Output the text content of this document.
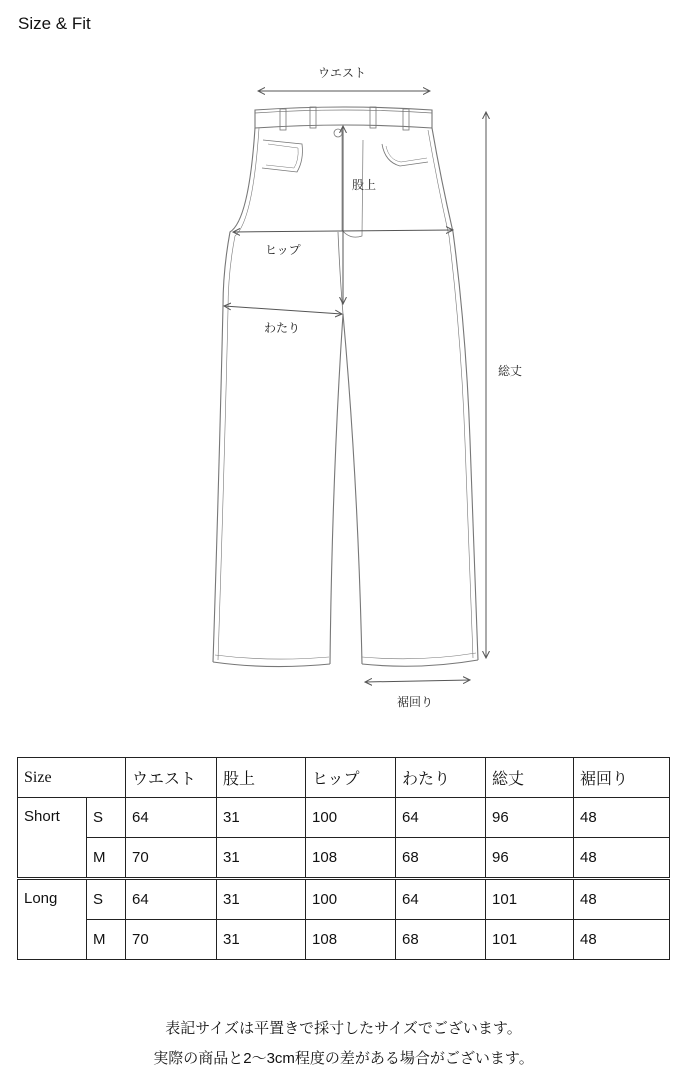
Size & Fit
ウエスト
股上
ヒップ
わたり
総丈
裾回り
Size		ウエスト	股上	ヒップ	わたり	総丈	裾回り
Short	S	64	31	100	64	96	48
	M	70	31	108	68	96	48
Long	S	64	31	100	64	101	48
	M	70	31	108	68	101	48
表記サイズは平置きで採寸したサイズでございます。
実際の商品と2〜3cm程度の差がある場合がございます。
